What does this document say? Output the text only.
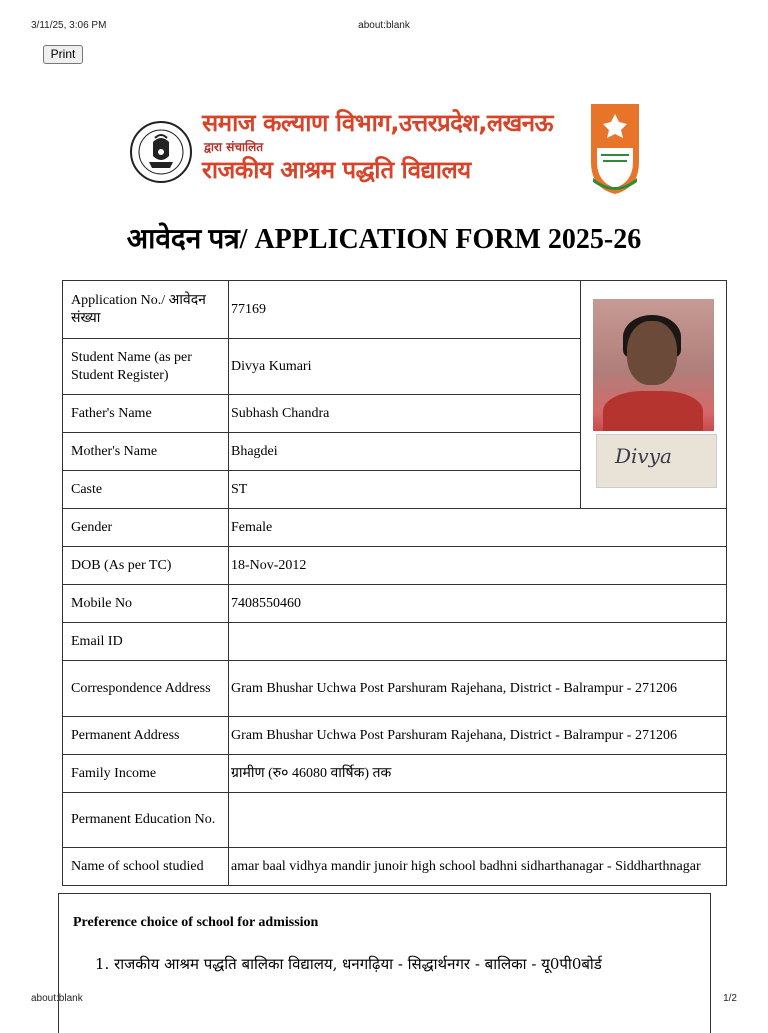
3/11/25, 3:06 PM	about:blank
Print
समाज कल्याण विभाग,उत्तरप्रदेश,लखनऊ
द्वारा संचालित
राजकीय आश्रम पद्धति विद्यालय
आवेदन पत्र/ APPLICATION FORM 2025-26
Application No./ आवेदन संख्या	77169	Divya

Student Name (as per Student Register)	Divya Kumari	
Father's Name	Subhash Chandra	
Mother's Name	Bhagdei	
Caste	ST	
Gender	Female	
DOB (As per TC)	18-Nov-2012	
Mobile No	7408550460	
Email ID		
Correspondence Address	Gram Bhushar Uchwa Post Parshuram Rajehana, District - Balrampur - 271206	
Permanent Address	Gram Bhushar Uchwa Post Parshuram Rajehana, District - Balrampur - 271206	
Family Income	ग्रामीण (रु० 46080 वार्षिक) तक	
Permanent Education No.		
Name of school studied	amar baal vidhya mandir junoir high school badhni sidharthanagar - Siddharthnagar	
Preference choice of school for admission
1. राजकीय आश्रम पद्धति बालिका विद्यालय, धनगढ़िया - सिद्धार्थनगर - बालिका - यू0पी0बोर्ड
about:blank	1/2
